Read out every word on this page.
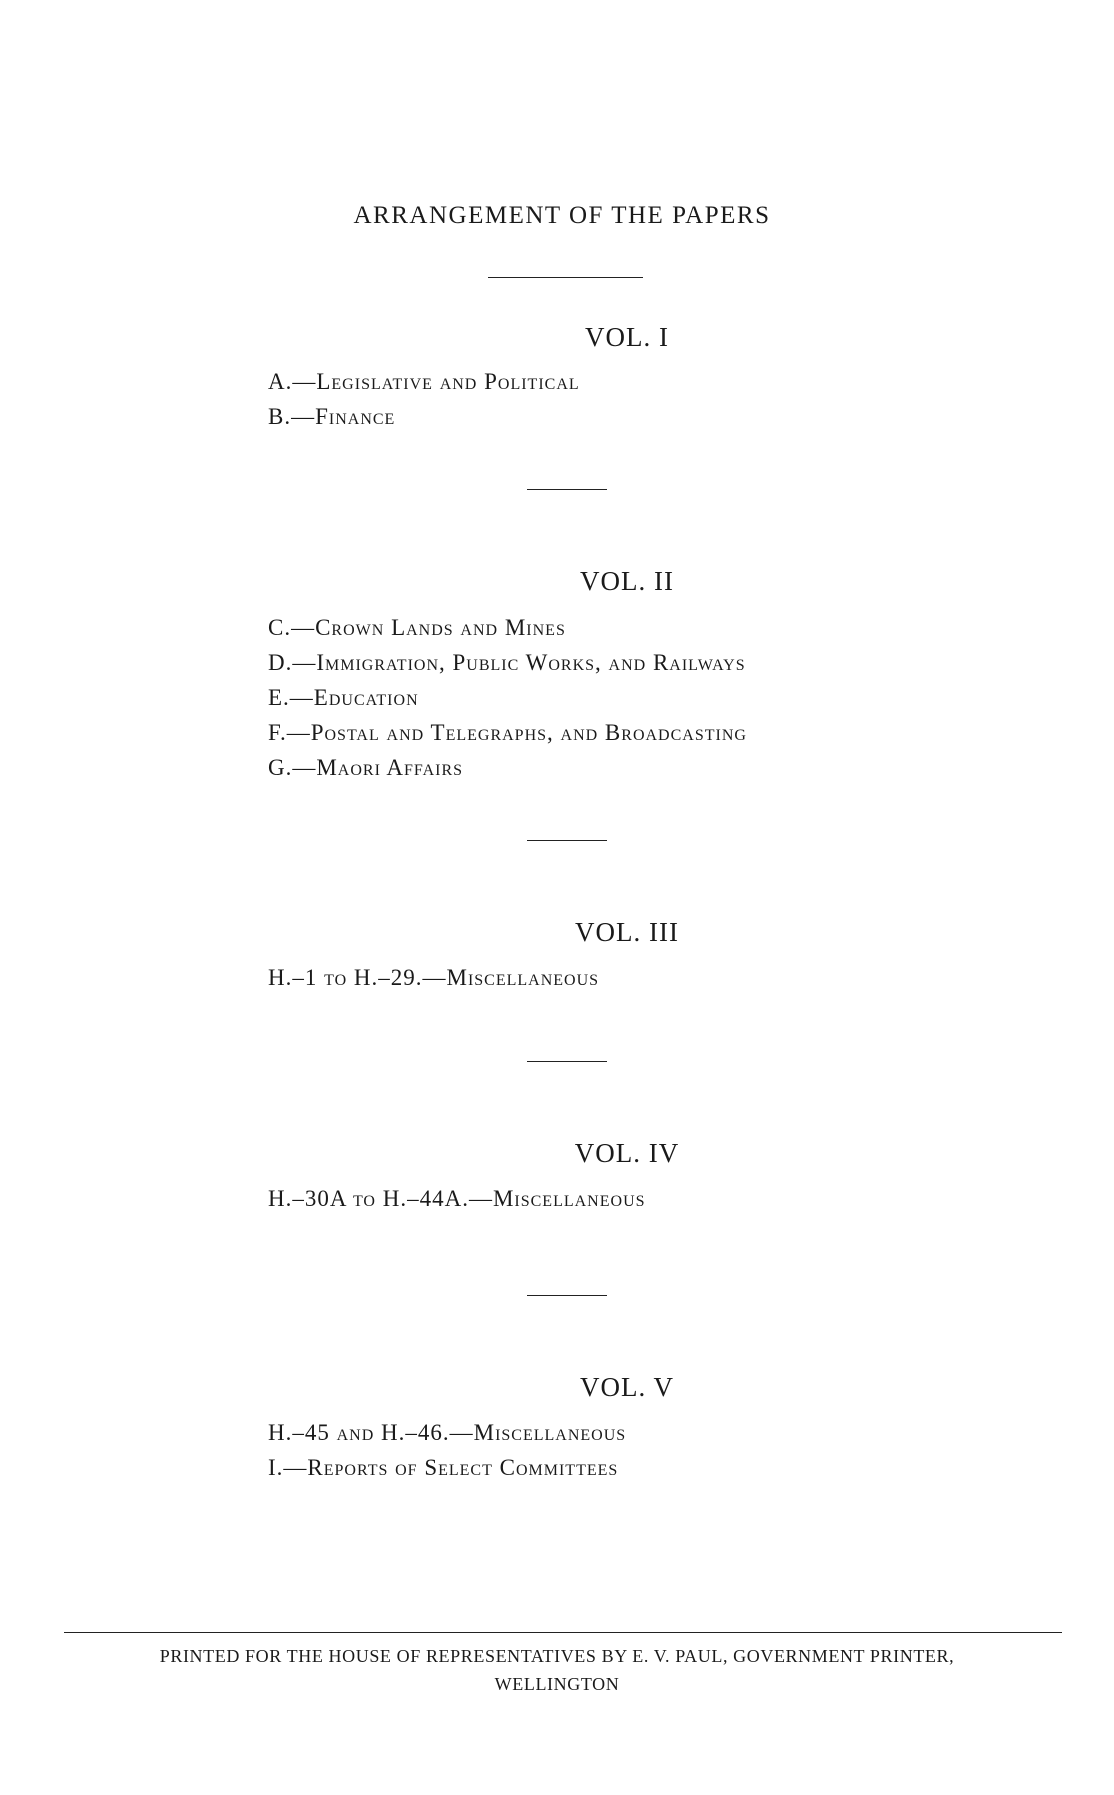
ARRANGEMENT OF THE PAPERS
VOL. I
A.—Legislative and Political
B.—Finance
VOL. II
C.—Crown Lands and Mines
D.—Immigration, Public Works, and Railways
E.—Education
F.—Postal and Telegraphs, and Broadcasting
G.—Maori Affairs
VOL. III
H.–1 to H.–29.—Miscellaneous
VOL. IV
H.–30A to H.–44A.—Miscellaneous
VOL. V
H.–45 and H.–46.—Miscellaneous
I.—Reports of Select Committees
PRINTED FOR THE HOUSE OF REPRESENTATIVES BY E. V. PAUL, GOVERNMENT PRINTER,
WELLINGTON
